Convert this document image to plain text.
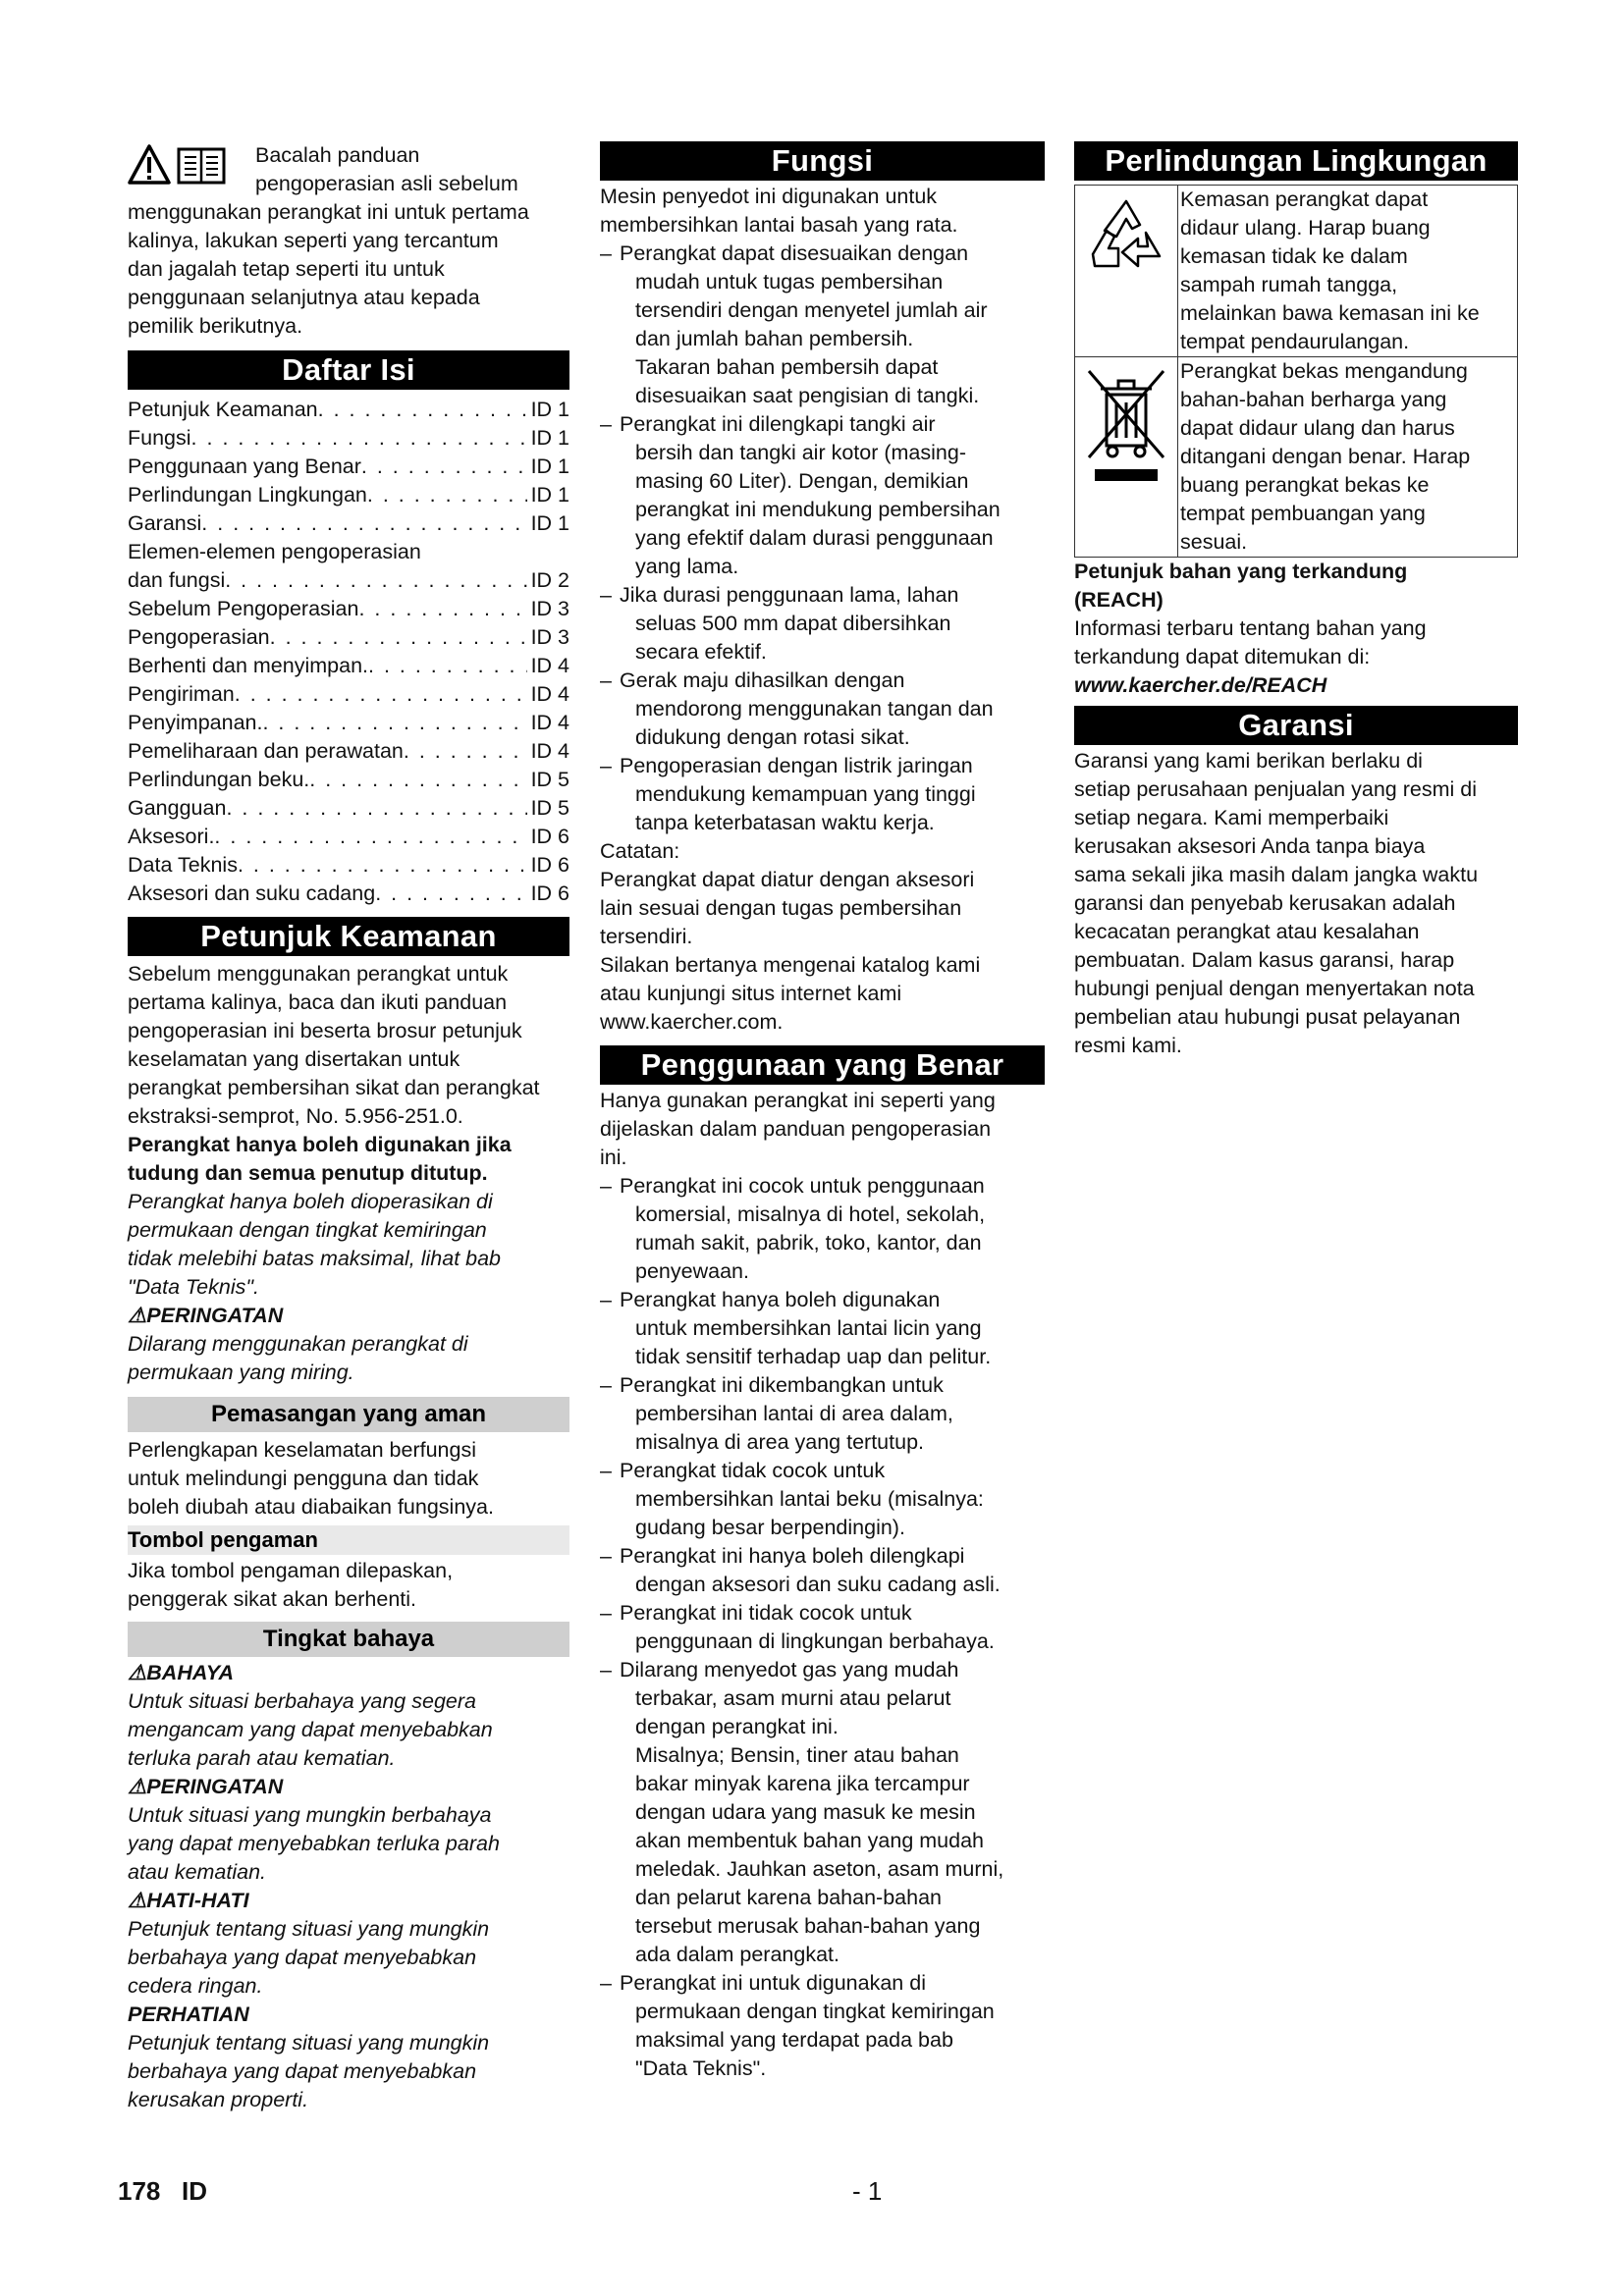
Bacalah panduan

pengoperasian asli sebelum

menggunakan perangkat ini untuk pertama

kalinya, lakukan seperti yang tercantum

dan jagalah tetap seperti itu untuk

penggunaan selanjutnya atau kepada

pemilik berikutnya.

Daftar Isi
Petunjuk Keamanan . . .	ID 1
Fungsi . . .	ID 1
Penggunaan yang Benar . . .	ID 1
Perlindungan Lingkungan . . .	ID 1
Garansi . . .	ID 1
Elemen-elemen pengoperasian
dan fungsi . . .	ID 2
Sebelum Pengoperasian . . .	ID 3
Pengoperasian . . .	ID 3
Berhenti dan menyimpan. . . .	ID 4
Pengiriman . . .	ID 4
Penyimpanan. . . .	ID 4
Pemeliharaan dan perawatan . . .	ID 4
Perlindungan beku. . . .	ID 5
Gangguan . . .	ID 5
Aksesori. . . .	ID 6
Data Teknis . . .	ID 6
Aksesori dan suku cadang . . .	ID 6
Petunjuk Keamanan

Sebelum menggunakan perangkat untuk

pertama kalinya, baca dan ikuti panduan

pengoperasian ini beserta brosur petunjuk

keselamatan yang disertakan untuk

perangkat pembersihan sikat dan perangkat

ekstraksi-semprot, No. 5.956-251.0.

Perangkat hanya boleh digunakan jika

tudung dan semua penutup ditutup.

Perangkat hanya boleh dioperasikan di

permukaan dengan tingkat kemiringan

tidak melebihi batas maksimal, lihat bab

"Data Teknis".

⚠PERINGATAN

Dilarang menggunakan perangkat di

permukaan yang miring.

Pemasangan yang aman

Perlengkapan keselamatan berfungsi

untuk melindungi pengguna dan tidak

boleh diubah atau diabaikan fungsinya.

Tombol pengaman

Jika tombol pengaman dilepaskan,

penggerak sikat akan berhenti.

Tingkat bahaya

⚠BAHAYA

Untuk situasi berbahaya yang segera

mengancam yang dapat menyebabkan

terluka parah atau kematian.

⚠PERINGATAN

Untuk situasi yang mungkin berbahaya

yang dapat menyebabkan terluka parah

atau kematian.

⚠HATI-HATI

Petunjuk tentang situasi yang mungkin

berbahaya yang dapat menyebabkan

cedera ringan.

PERHATIAN

Petunjuk tentang situasi yang mungkin

berbahaya yang dapat menyebabkan

kerusakan properti.

Fungsi

Mesin penyedot ini digunakan untuk

membersihkan lantai basah yang rata.

– Perangkat dapat disesuaikan dengan

mudah untuk tugas pembersihan

tersendiri dengan menyetel jumlah air

dan jumlah bahan pembersih.

Takaran bahan pembersih dapat

disesuaikan saat pengisian di tangki.

– Perangkat ini dilengkapi tangki air

bersih dan tangki air kotor (masing-

masing 60 Liter). Dengan, demikian

perangkat ini mendukung pembersihan

yang efektif dalam durasi penggunaan

yang lama.

– Jika durasi penggunaan lama, lahan

seluas 500 mm dapat dibersihkan

secara efektif.

– Gerak maju dihasilkan dengan

mendorong menggunakan tangan dan

didukung dengan rotasi sikat.

– Pengoperasian dengan listrik jaringan

mendukung kemampuan yang tinggi

tanpa keterbatasan waktu kerja.

Catatan:

Perangkat dapat diatur dengan aksesori

lain sesuai dengan tugas pembersihan

tersendiri.

Silakan bertanya mengenai katalog kami

atau kunjungi situs internet kami

www.kaercher.com.

Penggunaan yang Benar

Hanya gunakan perangkat ini seperti yang

dijelaskan dalam panduan pengoperasian

ini.

– Perangkat ini cocok untuk penggunaan

komersial, misalnya di hotel, sekolah,

rumah sakit, pabrik, toko, kantor, dan

penyewaan.

– Perangkat hanya boleh digunakan

untuk membersihkan lantai licin yang

tidak sensitif terhadap uap dan pelitur.

– Perangkat ini dikembangkan untuk

pembersihan lantai di area dalam,

misalnya di area yang tertutup.

– Perangkat tidak cocok untuk

membersihkan lantai beku (misalnya:

gudang besar berpendingin).

– Perangkat ini hanya boleh dilengkapi

dengan aksesori dan suku cadang asli.

– Perangkat ini tidak cocok untuk

penggunaan di lingkungan berbahaya.

– Dilarang menyedot gas yang mudah

terbakar, asam murni atau pelarut

dengan perangkat ini.

Misalnya; Bensin, tiner atau bahan

bakar minyak karena jika tercampur

dengan udara yang masuk ke mesin

akan membentuk bahan yang mudah

meledak. Jauhkan aseton, asam murni,

dan pelarut karena bahan-bahan

tersebut merusak bahan-bahan yang

ada dalam perangkat.

– Perangkat ini untuk digunakan di

permukaan dengan tingkat kemiringan

maksimal yang terdapat pada bab

"Data Teknis".

Perlindungan Lingkungan
Kemasan perangkat dapat
didaur ulang. Harap buang
kemasan tidak ke dalam
sampah rumah tangga,
melainkan bawa kemasan ini ke
tempat pendaurulangan.
Perangkat bekas mengandung
bahan-bahan berharga yang
dapat didaur ulang dan harus
ditangani dengan benar. Harap
buang perangkat bekas ke
tempat pembuangan yang
sesuai.

Petunjuk bahan yang terkandung

(REACH)

Informasi terbaru tentang bahan yang

terkandung dapat ditemukan di:

www.kaercher.de/REACH

Garansi

Garansi yang kami berikan berlaku di

setiap perusahaan penjualan yang resmi di

setiap negara. Kami memperbaiki

kerusakan aksesori Anda tanpa biaya

sama sekali jika masih dalam jangka waktu

garansi dan penyebab kerusakan adalah

kecacatan perangkat atau kesalahan

pembuatan. Dalam kasus garansi, harap

hubungi penjual dengan menyertakan nota

pembelian atau hubungi pusat pelayanan

resmi kami.

178   ID	- 1
